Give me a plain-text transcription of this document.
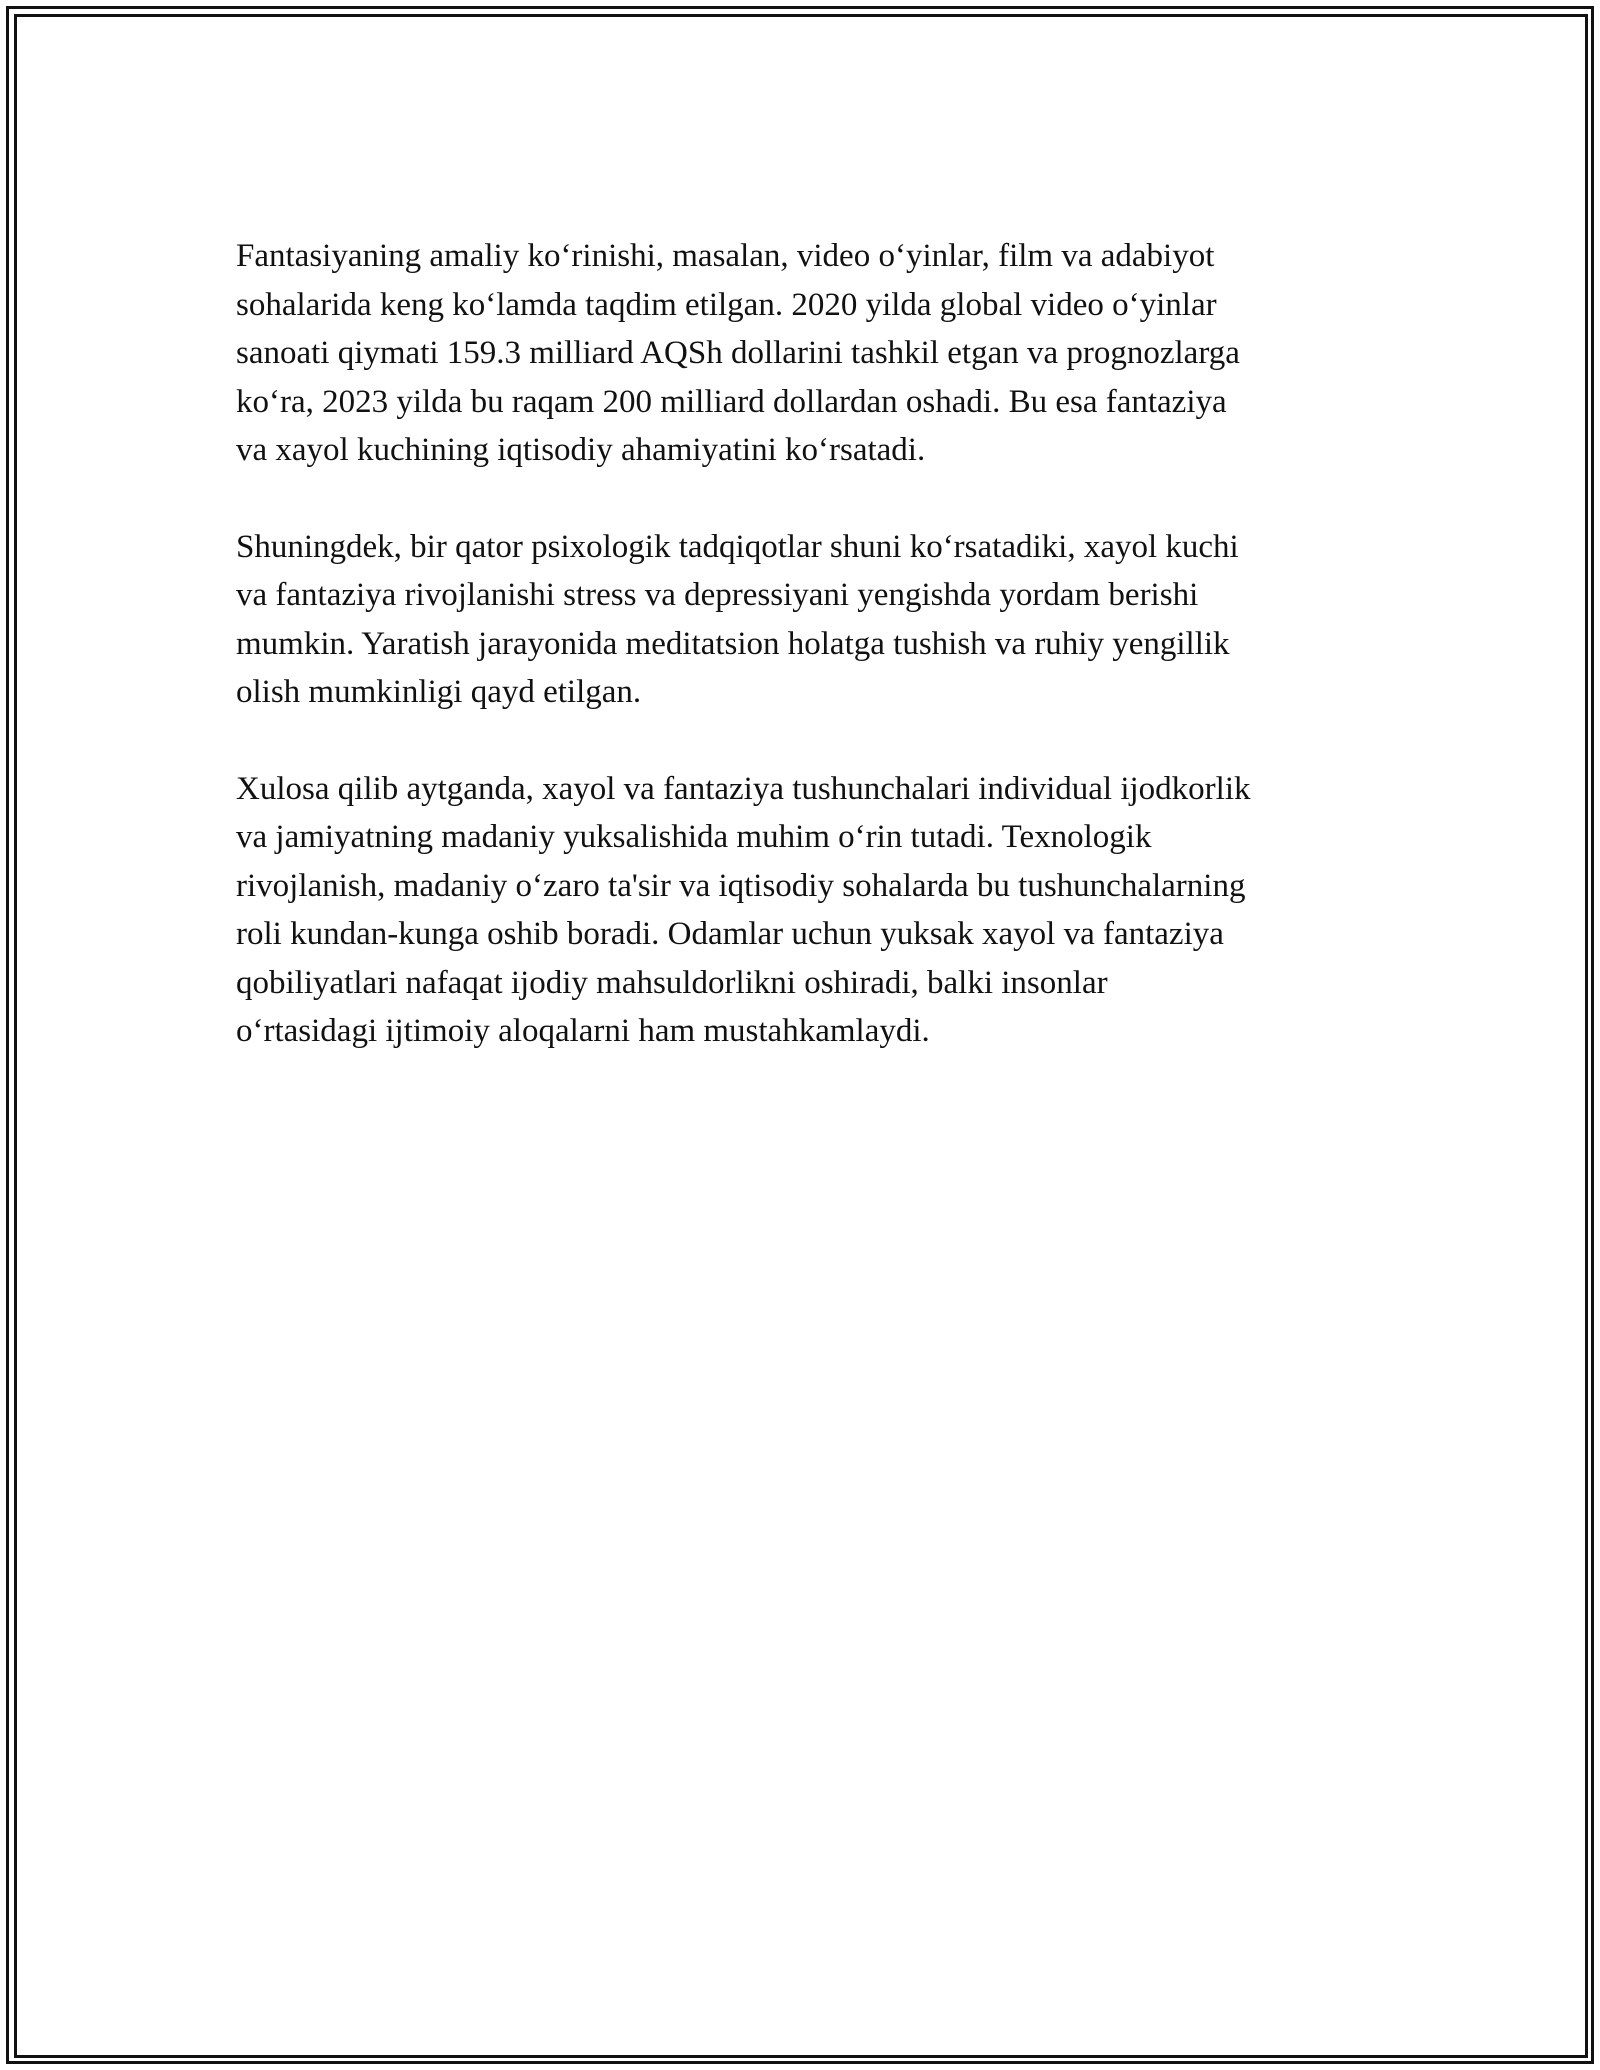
Fantasiyaning amaliy ko‘rinishi, masalan, video o‘yinlar, film va adabiyot
sohalarida keng ko‘lamda taqdim etilgan. 2020 yilda global video o‘yinlar
sanoati qiymati 159.3 milliard AQSh dollarini tashkil etgan va prognozlarga
ko‘ra, 2023 yilda bu raqam 200 milliard dollardan oshadi. Bu esa fantaziya
va xayol kuchining iqtisodiy ahamiyatini ko‘rsatadi.

Shuningdek, bir qator psixologik tadqiqotlar shuni ko‘rsatadiki, xayol kuchi
va fantaziya rivojlanishi stress va depressiyani yengishda yordam berishi
mumkin. Yaratish jarayonida meditatsion holatga tushish va ruhiy yengillik
olish mumkinligi qayd etilgan.

Xulosa qilib aytganda, xayol va fantaziya tushunchalari individual ijodkorlik
va jamiyatning madaniy yuksalishida muhim o‘rin tutadi. Texnologik
rivojlanish, madaniy o‘zaro ta'sir va iqtisodiy sohalarda bu tushunchalarning
roli kundan-kunga oshib boradi. Odamlar uchun yuksak xayol va fantaziya
qobiliyatlari nafaqat ijodiy mahsuldorlikni oshiradi, balki insonlar
o‘rtasidagi ijtimoiy aloqalarni ham mustahkamlaydi.
